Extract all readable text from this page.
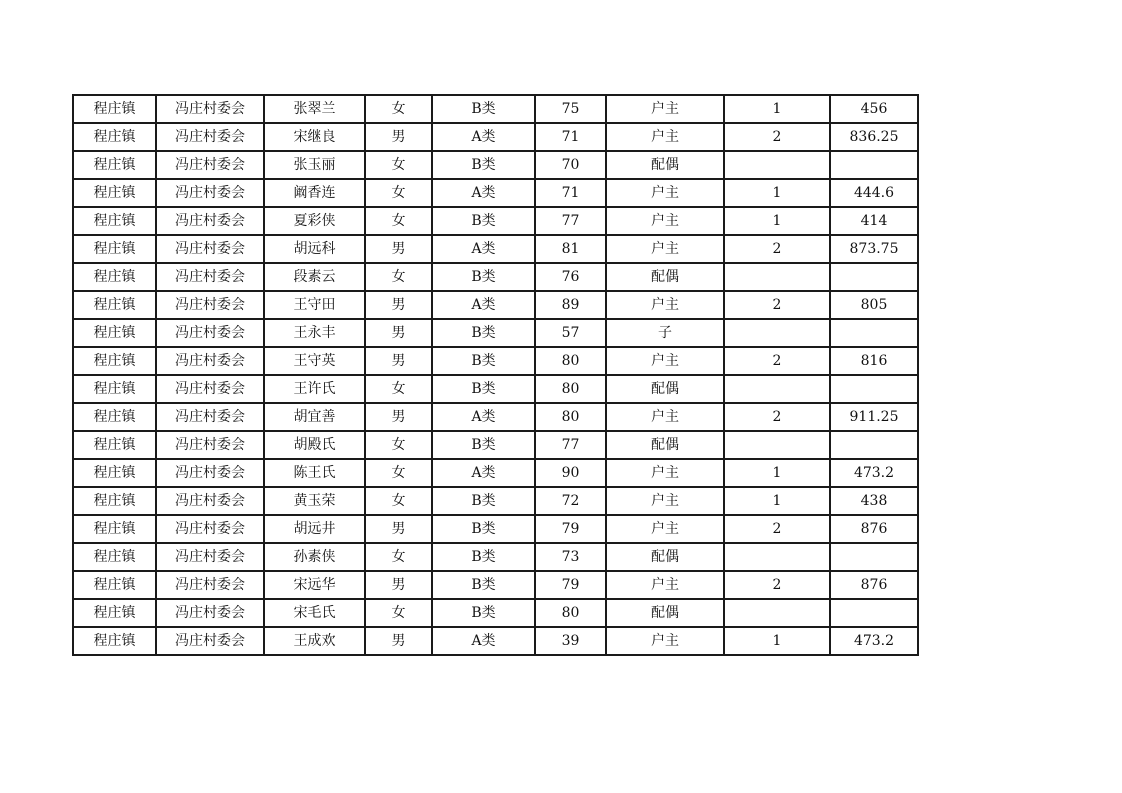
程庄镇	冯庄村委会	张翠兰	女	B类	75	户主	1	456
程庄镇	冯庄村委会	宋继良	男	A类	71	户主	2	836.25
程庄镇	冯庄村委会	张玉丽	女	B类	70	配偶		
程庄镇	冯庄村委会	阚香连	女	A类	71	户主	1	444.6
程庄镇	冯庄村委会	夏彩侠	女	B类	77	户主	1	414
程庄镇	冯庄村委会	胡远科	男	A类	81	户主	2	873.75
程庄镇	冯庄村委会	段素云	女	B类	76	配偶		
程庄镇	冯庄村委会	王守田	男	A类	89	户主	2	805
程庄镇	冯庄村委会	王永丰	男	B类	57	子		
程庄镇	冯庄村委会	王守英	男	B类	80	户主	2	816
程庄镇	冯庄村委会	王许氏	女	B类	80	配偶		
程庄镇	冯庄村委会	胡宜善	男	A类	80	户主	2	911.25
程庄镇	冯庄村委会	胡殿氏	女	B类	77	配偶		
程庄镇	冯庄村委会	陈王氏	女	A类	90	户主	1	473.2
程庄镇	冯庄村委会	黄玉荣	女	B类	72	户主	1	438
程庄镇	冯庄村委会	胡远井	男	B类	79	户主	2	876
程庄镇	冯庄村委会	孙素侠	女	B类	73	配偶		
程庄镇	冯庄村委会	宋远华	男	B类	79	户主	2	876
程庄镇	冯庄村委会	宋毛氏	女	B类	80	配偶		
程庄镇	冯庄村委会	王成欢	男	A类	39	户主	1	473.2
